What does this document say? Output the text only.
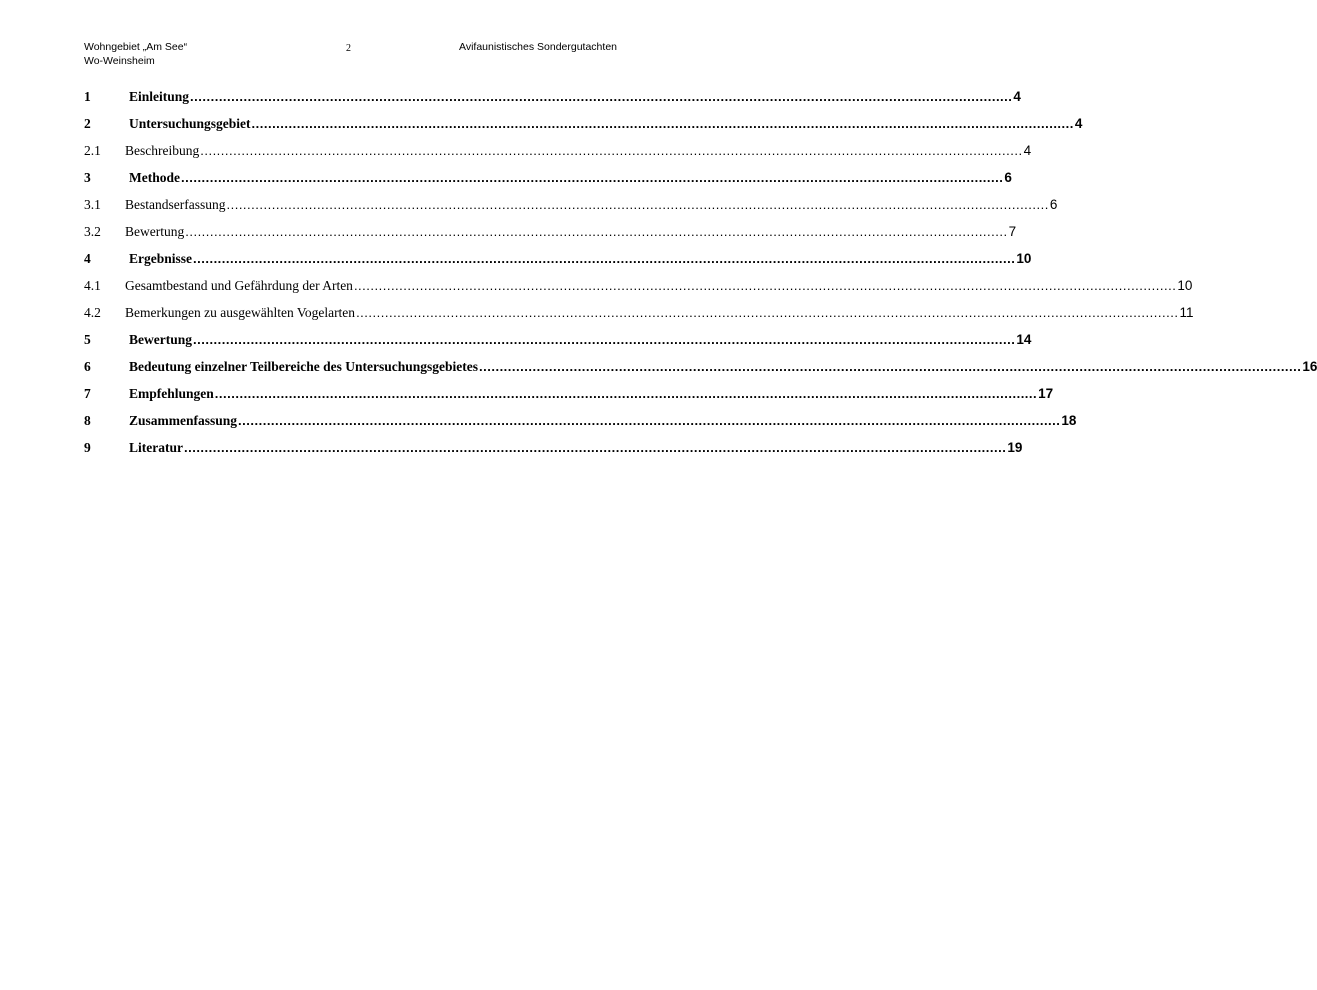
Wohngebiet „Am See“
Wo-Weinsheim
2	Avifaunistisches Sondergutachten
1	Einleitung ........................................................................................................................................................................................................ 4
2	Untersuchungsgebiet ........................................................................................................................................................................................................ 4
2.1	Beschreibung ........................................................................................................................................................................................................ 4
3	Methode ........................................................................................................................................................................................................ 6
3.1	Bestandserfassung ........................................................................................................................................................................................................ 6
3.2	Bewertung ........................................................................................................................................................................................................ 7
4	Ergebnisse ........................................................................................................................................................................................................ 10
4.1	Gesamtbestand und Gefährdung der Arten ........................................................................................................................................................................................................ 10
4.2	Bemerkungen zu ausgewählten Vogelarten ........................................................................................................................................................................................................ 11
5	Bewertung ........................................................................................................................................................................................................ 14
6	Bedeutung einzelner Teilbereiche des Untersuchungsgebietes ........................................................................................................................................................................................................ 16
7	Empfehlungen ........................................................................................................................................................................................................ 17
8	Zusammenfassung ........................................................................................................................................................................................................ 18
9	Literatur ........................................................................................................................................................................................................ 19
